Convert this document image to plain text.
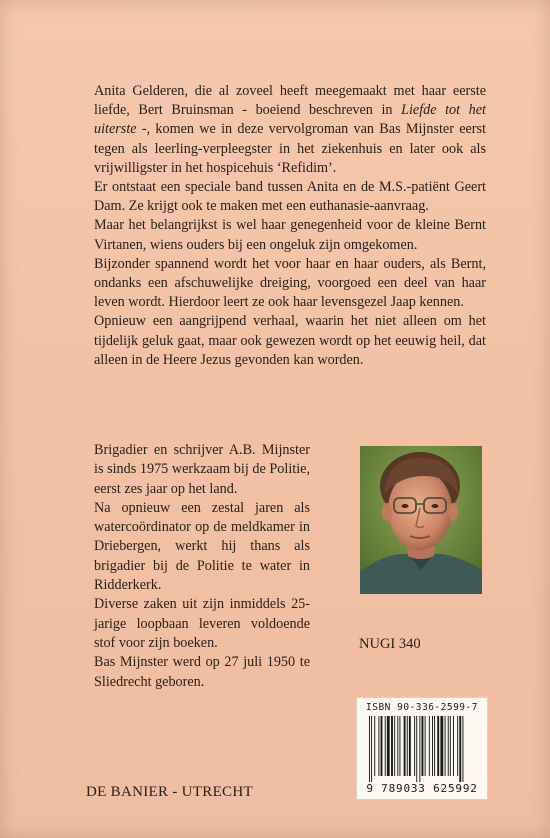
Anita Gelderen, die al zoveel heeft meegemaakt met haar eerste liefde, Bert Bruinsman - boeiend beschreven in Liefde tot het uiterste -, komen we in deze vervolgroman van Bas Mijnster eerst tegen als leerling-verpleegster in het ziekenhuis en later ook als vrijwilligster in het hospicehuis ‘Refidim’.

Er ontstaat een speciale band tussen Anita en de M.S.-patiënt Geert Dam. Ze krijgt ook te maken met een euthanasie-aanvraag.

Maar het belangrijkst is wel haar genegenheid voor de kleine Bernt Virtanen, wiens ouders bij een ongeluk zijn omgekomen.

Bijzonder spannend wordt het voor haar en haar ouders, als Bernt, ondanks een afschuwelijke dreiging, voorgoed een deel van haar leven wordt. Hierdoor leert ze ook haar levensgezel Jaap kennen.

Opnieuw een aangrijpend verhaal, waarin het niet alleen om het tijdelijk geluk gaat, maar ook gewezen wordt op het eeuwig heil, dat alleen in de Heere Jezus gevonden kan worden.

Brigadier en schrijver A.B. Mijnster is sinds 1975 werkzaam bij de Politie, eerst zes jaar op het land.

Na opnieuw een zestal jaren als watercoördinator op de meldkamer in Driebergen, werkt hij thans als brigadier bij de Politie te water in Ridderkerk.

Diverse zaken uit zijn inmiddels 25-jarige loopbaan leveren voldoende stof voor zijn boeken.

Bas Mijnster werd op 27 juli 1950 te Sliedrecht geboren.

NUGI 340
ISBN 90-336-2599-7
9 789033 625992
DE BANIER - UTRECHT
